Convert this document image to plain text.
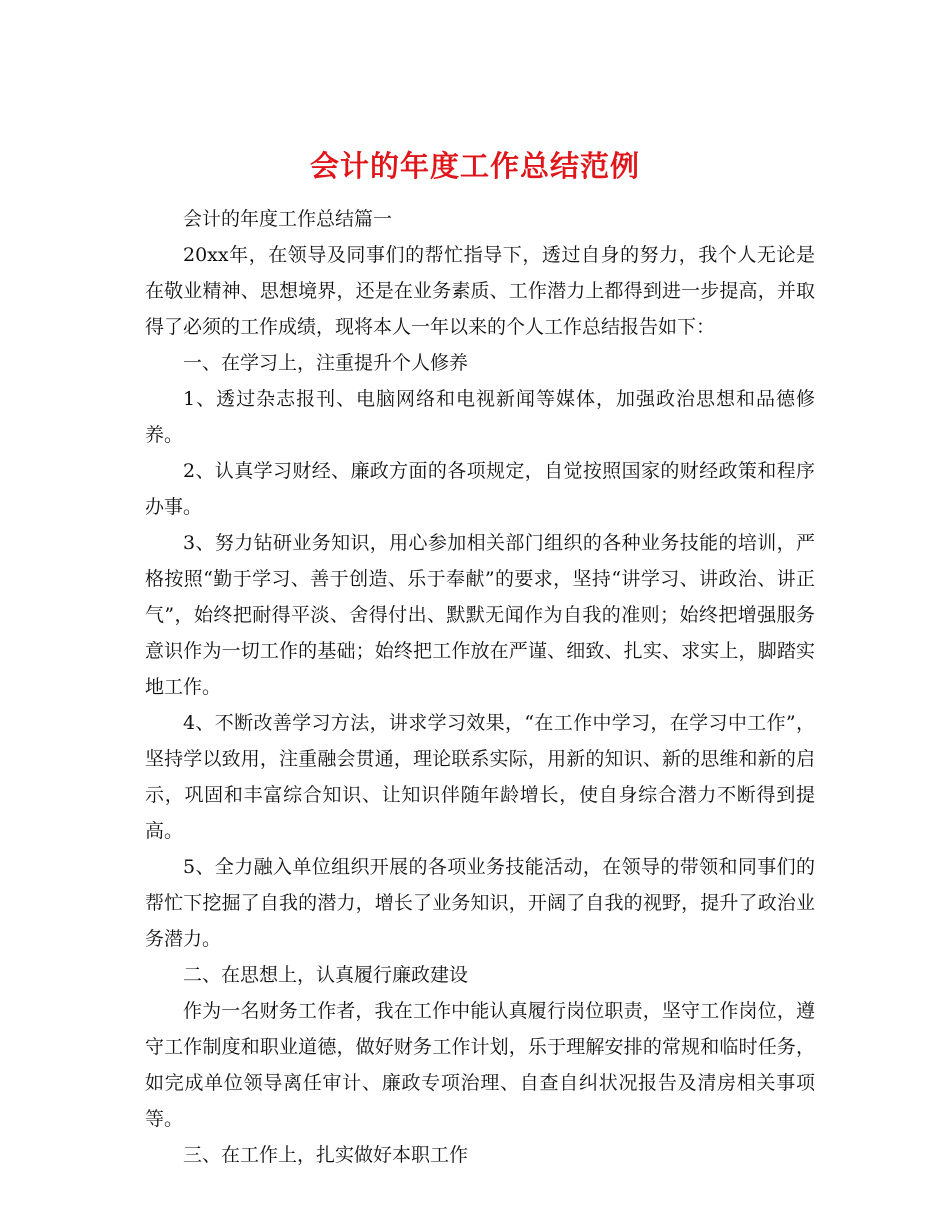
会计的年度工作总结范例

会计的年度工作总结篇一

20xx年，在领导及同事们的帮忙指导下，透过自身的努力，我个人无论是在敬业精神、思想境界，还是在业务素质、工作潜力上都得到进一步提高，并取得了必须的工作成绩，现将本人一年以来的个人工作总结报告如下：

一、在学习上，注重提升个人修养

1、透过杂志报刊、电脑网络和电视新闻等媒体，加强政治思想和品德修养。

2、认真学习财经、廉政方面的各项规定，自觉按照国家的财经政策和程序办事。

3、努力钻研业务知识，用心参加相关部门组织的各种业务技能的培训，严格按照“勤于学习、善于创造、乐于奉献”的要求，坚持“讲学习、讲政治、讲正气”，始终把耐得平淡、舍得付出、默默无闻作为自我的准则；始终把增强服务意识作为一切工作的基础；始终把工作放在严谨、细致、扎实、求实上，脚踏实地工作。

4、不断改善学习方法，讲求学习效果，“在工作中学习，在学习中工作”，坚持学以致用，注重融会贯通，理论联系实际，用新的知识、新的思维和新的启示，巩固和丰富综合知识、让知识伴随年龄增长，使自身综合潜力不断得到提高。

5、全力融入单位组织开展的各项业务技能活动，在领导的带领和同事们的帮忙下挖掘了自我的潜力，增长了业务知识，开阔了自我的视野，提升了政治业务潜力。

二、在思想上，认真履行廉政建设

作为一名财务工作者，我在工作中能认真履行岗位职责，坚守工作岗位，遵守工作制度和职业道德，做好财务工作计划，乐于理解安排的常规和临时任务，如完成单位领导离任审计、廉政专项治理、自查自纠状况报告及清房相关事项等。

三、在工作上，扎实做好本职工作
